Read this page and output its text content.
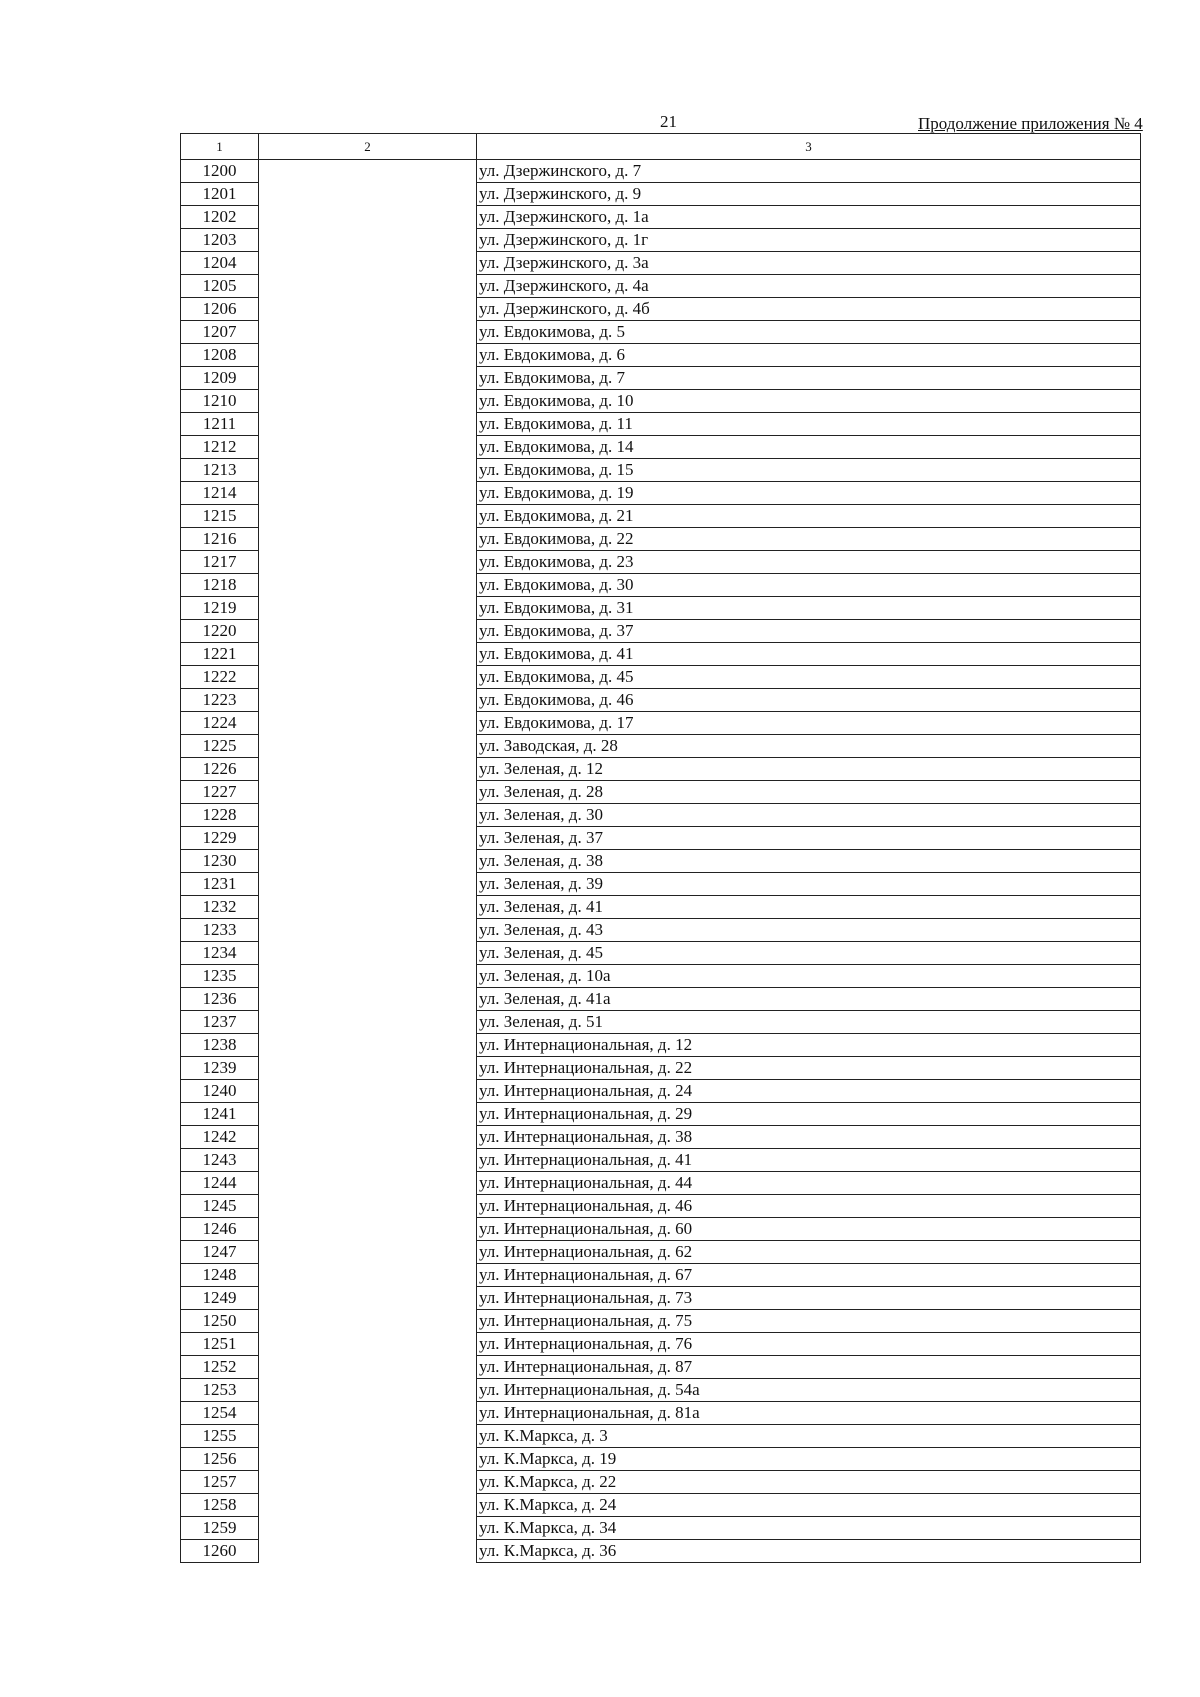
21	Продолжение приложения № 4
1	2	3
1200		ул. Дзержинского, д. 7
1201		ул. Дзержинского, д. 9
1202		ул. Дзержинского, д. 1а
1203		ул. Дзержинского, д. 1г
1204		ул. Дзержинского, д. 3а
1205		ул. Дзержинского, д. 4а
1206		ул. Дзержинского, д. 4б
1207		ул. Евдокимова, д. 5
1208		ул. Евдокимова, д. 6
1209		ул. Евдокимова, д. 7
1210		ул. Евдокимова, д. 10
1211		ул. Евдокимова, д. 11
1212		ул. Евдокимова, д. 14
1213		ул. Евдокимова, д. 15
1214		ул. Евдокимова, д. 19
1215		ул. Евдокимова, д. 21
1216		ул. Евдокимова, д. 22
1217		ул. Евдокимова, д. 23
1218		ул. Евдокимова, д. 30
1219		ул. Евдокимова, д. 31
1220		ул. Евдокимова, д. 37
1221		ул. Евдокимова, д. 41
1222		ул. Евдокимова, д. 45
1223		ул. Евдокимова, д. 46
1224		ул. Евдокимова, д. 17
1225		ул. Заводская, д. 28
1226		ул. Зеленая, д. 12
1227		ул. Зеленая, д. 28
1228		ул. Зеленая, д. 30
1229		ул. Зеленая, д. 37
1230		ул. Зеленая, д. 38
1231		ул. Зеленая, д. 39
1232		ул. Зеленая, д. 41
1233		ул. Зеленая, д. 43
1234		ул. Зеленая, д. 45
1235		ул. Зеленая, д. 10а
1236		ул. Зеленая, д. 41а
1237		ул. Зеленая, д. 51
1238		ул. Интернациональная, д. 12
1239		ул. Интернациональная, д. 22
1240		ул. Интернациональная, д. 24
1241		ул. Интернациональная, д. 29
1242		ул. Интернациональная, д. 38
1243		ул. Интернациональная, д. 41
1244		ул. Интернациональная, д. 44
1245		ул. Интернациональная, д. 46
1246		ул. Интернациональная, д. 60
1247		ул. Интернациональная, д. 62
1248		ул. Интернациональная, д. 67
1249		ул. Интернациональная, д. 73
1250		ул. Интернациональная, д. 75
1251		ул. Интернациональная, д. 76
1252		ул. Интернациональная, д. 87
1253		ул. Интернациональная, д. 54а
1254		ул. Интернациональная, д. 81а
1255		ул. К.Маркса, д. 3
1256		ул. К.Маркса, д. 19
1257		ул. К.Маркса, д. 22
1258		ул. К.Маркса, д. 24
1259		ул. К.Маркса, д. 34
1260		ул. К.Маркса, д. 36
